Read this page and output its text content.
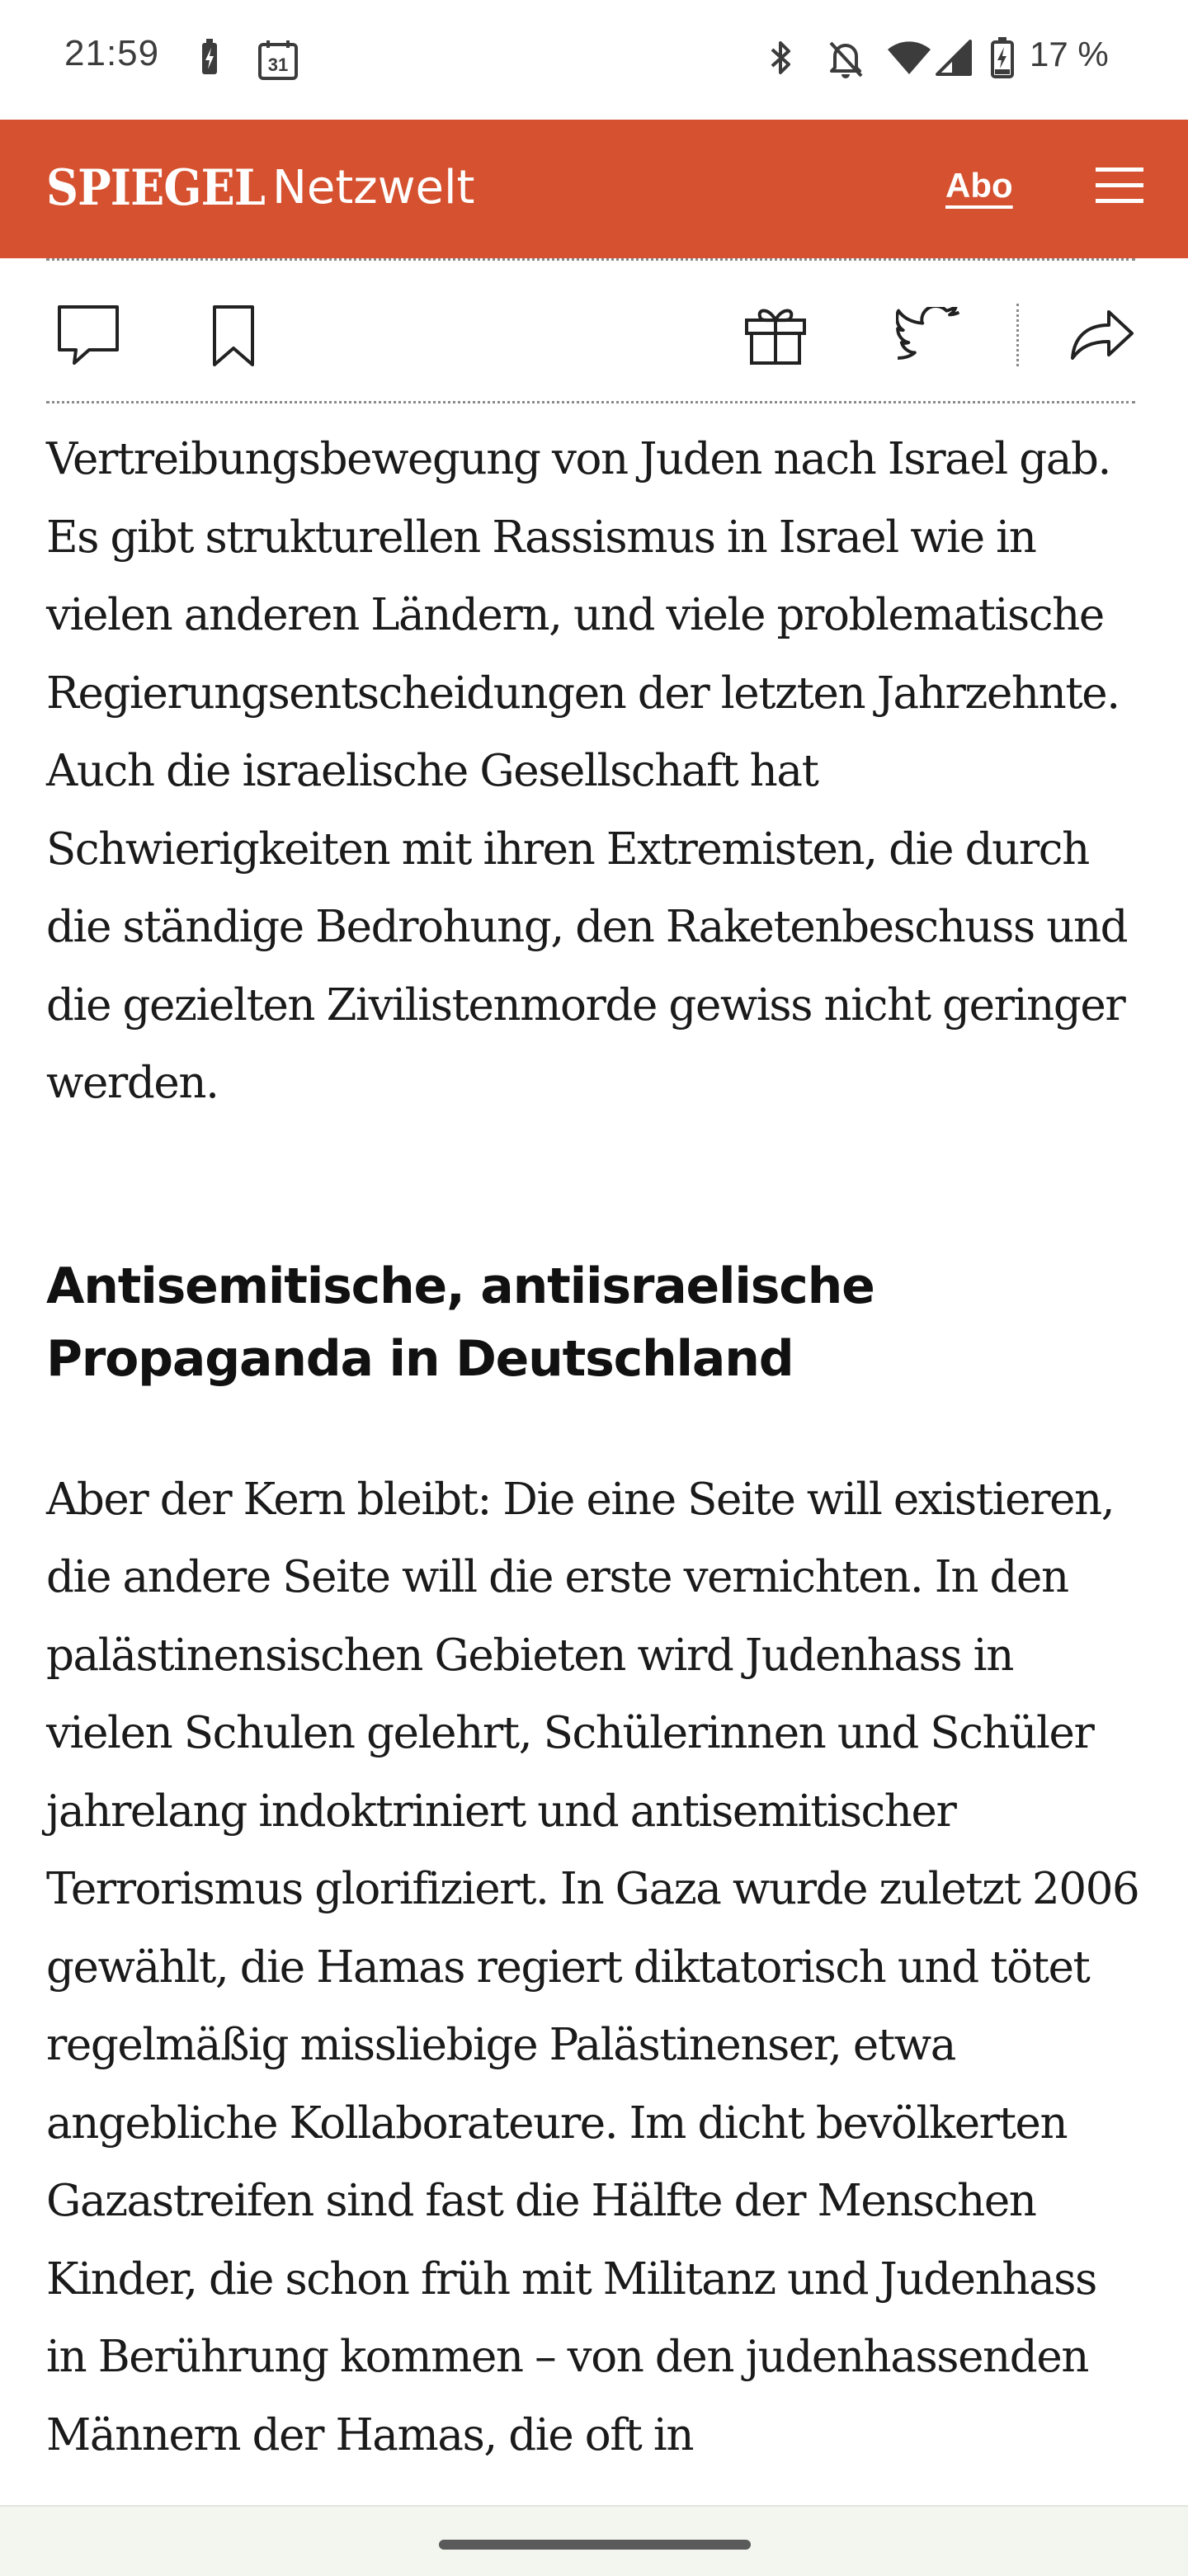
21:59	31	17 %
SPIEGEL Netzwelt	Abo

Vertreibungsbewegung von Juden nach Israel gab. Es gibt strukturellen Rassismus in Israel wie in vielen anderen Ländern, und viele problematische Regierungsentscheidungen der letzten Jahrzehnte. Auch die israelische Gesellschaft hat Schwierigkeiten mit ihren Extremisten, die durch die ständige Bedrohung, den Raketenbeschuss und die gezielten Zivilistenmorde gewiss nicht geringer werden.

Antisemitische, antiisraelische Propaganda in Deutschland

Aber der Kern bleibt: Die eine Seite will existieren, die andere Seite will die erste vernichten. In den palästinensischen Gebieten wird Judenhass in vielen Schulen gelehrt, Schülerinnen und Schüler jahrelang indoktriniert und antisemitischer Terrorismus glorifiziert. In Gaza wurde zuletzt 2006 gewählt, die Hamas regiert diktatorisch und tötet regelmäßig missliebige Palästinenser, etwa angebliche Kollaborateure. Im dicht bevölkerten Gazastreifen sind fast die Hälfte der Menschen Kinder, die schon früh mit Militanz und Judenhass in Berührung kommen – von den judenhassenden Männern der Hamas, die oft in
